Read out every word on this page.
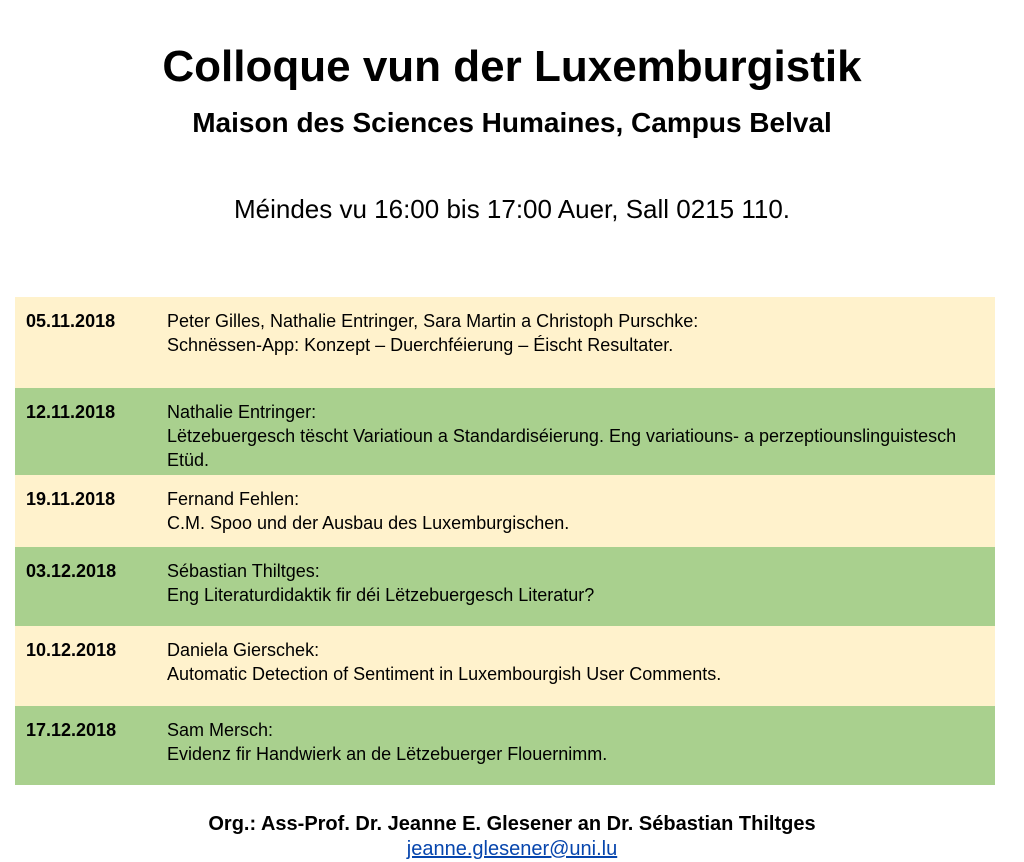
Colloque vun der Luxemburgistik
Maison des Sciences Humaines, Campus Belval
Méindes vu 16:00 bis 17:00 Auer, Sall 0215 110.
05.11.2018	Peter Gilles, Nathalie Entringer, Sara Martin a Christoph Purschke:
Schnëssen-App: Konzept – Duerchféierung – Éischt Resultater.
12.11.2018	Nathalie Entringer:
Lëtzebuergesch tëscht Variatioun a Standardiséierung. Eng variatiouns- a perzeptiounslinguistesch Etüd.
19.11.2018	Fernand Fehlen:
C.M. Spoo und der Ausbau des Luxemburgischen.
03.12.2018	Sébastian Thiltges:
Eng Literaturdidaktik fir déi Lëtzebuergesch Literatur?
10.12.2018	Daniela Gierschek:
Automatic Detection of Sentiment in Luxembourgish User Comments.
17.12.2018	Sam Mersch:
Evidenz fir Handwierk an de Lëtzebuerger Flouernimm.
Org.: Ass-Prof. Dr. Jeanne E. Glesener an Dr. Sébastian Thiltges
jeanne.glesener@uni.lu
